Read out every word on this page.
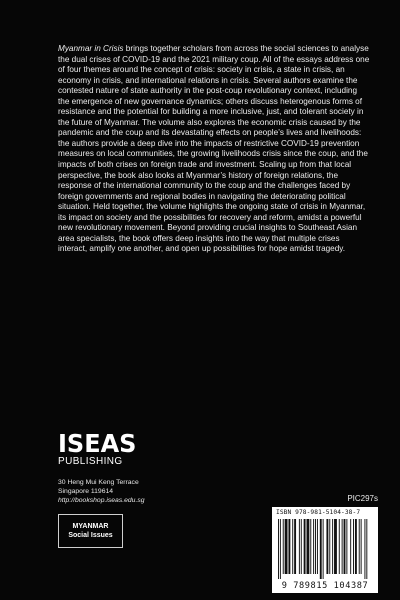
Myanmar in Crisis brings together scholars from across the social sciences to analyse the dual crises of COVID-19 and the 2021 military coup. All of the essays address one of four themes around the concept of crisis: society in crisis, a state in crisis, an economy in crisis, and international relations in crisis. Several authors examine the contested nature of state authority in the post-coup revolutionary context, including the emergence of new governance dynamics; others discuss heterogenous forms of resistance and the potential for building a more inclusive, just, and tolerant society in the future of Myanmar. The volume also explores the economic crisis caused by the pandemic and the coup and its devastating effects on people’s lives and livelihoods: the authors provide a deep dive into the impacts of restrictive COVID-19 prevention measures on local communities, the growing livelihoods crisis since the coup, and the impacts of both crises on foreign trade and investment. Scaling up from that local perspective, the book also looks at Myanmar’s history of foreign relations, the response of the international community to the coup and the challenges faced by foreign governments and regional bodies in navigating the deteriorating political situation. Held together, the volume highlights the ongoing state of crisis in Myanmar, its impact on society and the possibilities for recovery and reform, amidst a powerful new revolutionary movement. Beyond providing crucial insights to Southeast Asian area specialists, the book offers deep insights into the way that multiple crises interact, amplify one another, and open up possibilities for hope amidst tragedy.

ISEAS
PUBLISHING
30 Heng Mui Keng Terrace
Singapore 119614
http://bookshop.iseas.edu.sg
MYANMAR
Social Issues
PIC297s
ISBN 978-981-5104-38-7
9 789815 104387
